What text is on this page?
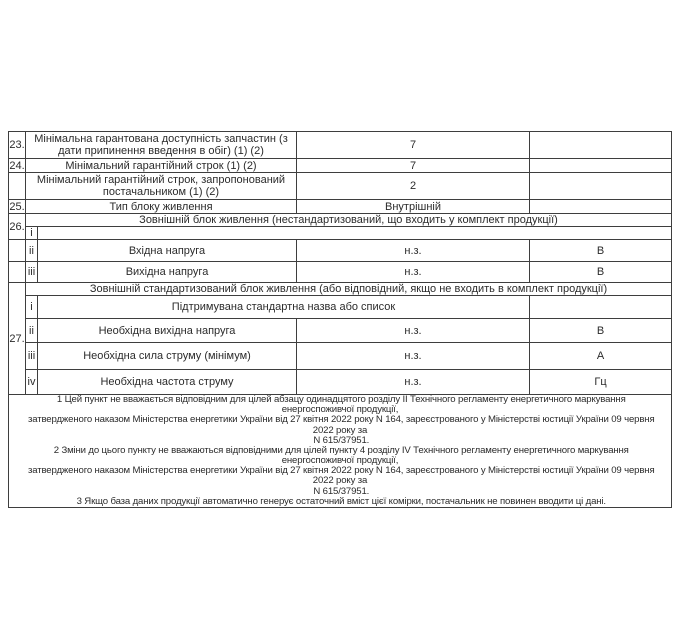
23.	Мінімальна гарантована доступність запчастин (з дати припинення введення в обіг) (1) (2)		7	
24.	Мінімальний гарантійний строк (1) (2)		7	
	Мінімальний гарантійний строк, запропонований постачальником (1) (2)		2	
25.	Тип блоку живлення		Внутрішній	
26.	Зовнішній блок живлення (нестандартизований, що входить у комплект продукції)			
	i			
	ii	Вхідна напруга	н.з.	В
	iii	Вихідна напруга	н.з.	В
27.	Зовнішній стандартизований блок живлення (або відповідний, якщо не входить в комплект продукції)			
	i	Підтримувана стандартна назва або список		
	ii	Необхідна вихідна напруга	н.з.	В
	iii	Необхідна сила струму (мінімум)	н.з.	А
	iv	Необхідна частота струму	н.з.	Гц

1 Цей пункт не вважається відповідним для цілей абзацу одинадцятого розділу II Технічного регламенту енергетичного маркування
енергоспоживчої продукції,
затвердженого наказом Міністерства енергетики України від 27 квітня 2022 року N 164, зареєстрованого у Міністерстві юстиції України 09 червня
2022 року за
N 615/37951.
2 Зміни до цього пункту не вважаються відповідними для цілей пункту 4 розділу IV Технічного регламенту енергетичного маркування
енергоспоживчої продукції,
затвердженого наказом Міністерства енергетики України від 27 квітня 2022 року N 164, зареєстрованого у Міністерстві юстиції України 09 червня
2022 року за
N 615/37951.
3 Якщо база даних продукції автоматично генерує остаточний вміст цієї комірки, постачальник не повинен вводити ці дані.
